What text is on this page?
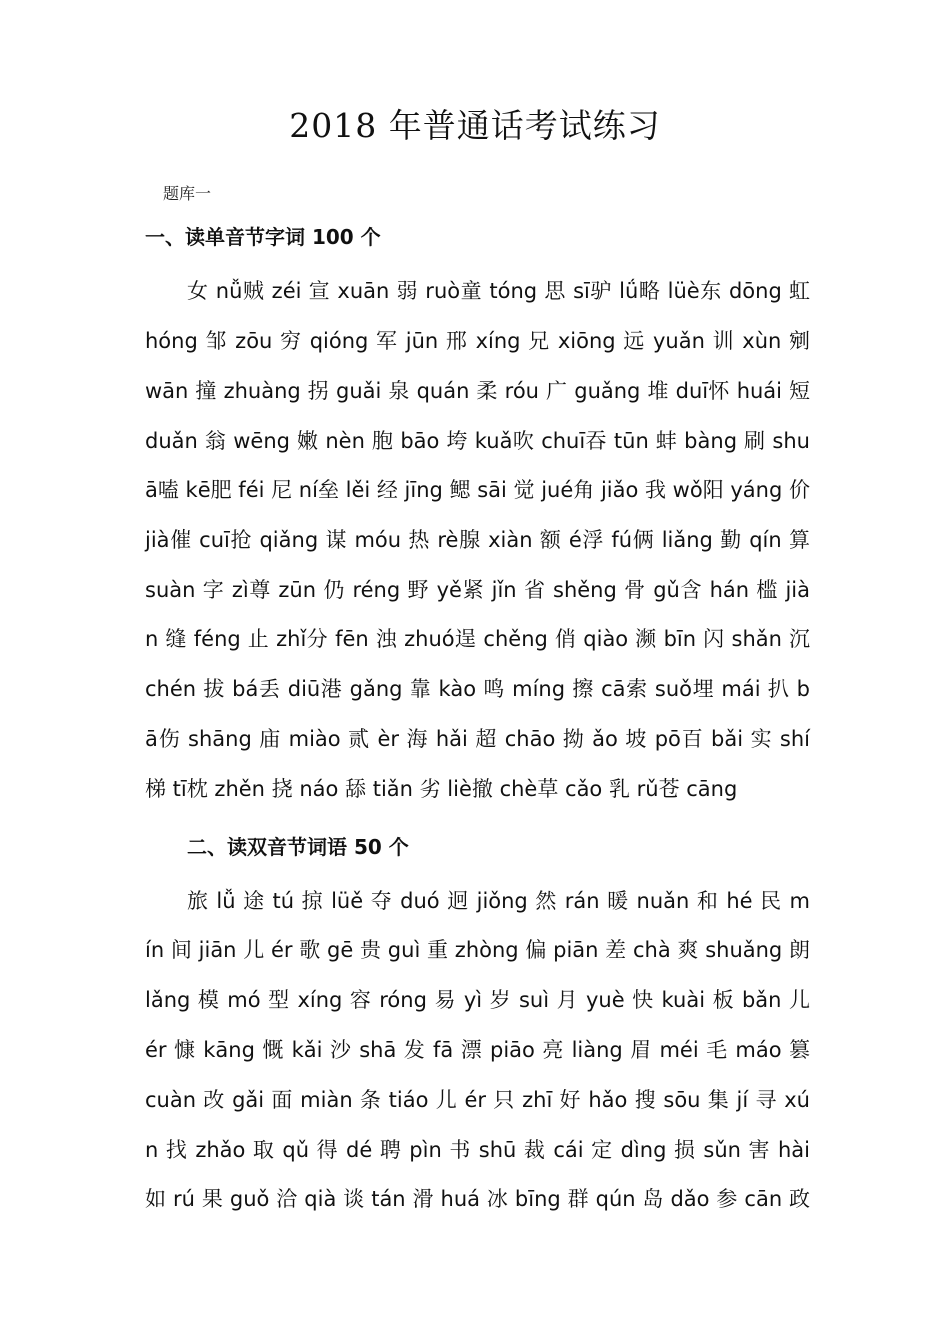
2018 年普通话考试练习
题库一
一、读单音节字词 100 个
女 nǚ贼 zéi 宣 xuān 弱 ruò童 tóng 思 sī驴 lǘ略 lüè东 dōng 虹
hóng 邹 zōu 穷 qióng 军 jūn 邢 xíng 兄 xiōng 远 yuǎn 训 xùn 剜
wān 撞 zhuàng 拐 guǎi 泉 quán 柔 róu 广 guǎng 堆 duī怀 huái 短
duǎn 翁 wēng 嫩 nèn 胞 bāo 垮 kuǎ吹 chuī吞 tūn 蚌 bàng 刷 shu
ā嗑 kē肥 féi 尼 ní垒 lěi 经 jīng 鳃 sāi 觉 jué角 jiǎo 我 wǒ阳 yáng 价
jià催 cuī抢 qiǎng 谋 móu 热 rè腺 xiàn 额 é浮 fú俩 liǎng 勤 qín 算
suàn 字 zì尊 zūn 仍 réng 野 yě紧 jǐn 省 shěng 骨 gǔ含 hán 槛 jià
n 缝 féng 止 zhǐ分 fēn 浊 zhuó逞 chěng 俏 qiào 濒 bīn 闪 shǎn 沉
chén 拔 bá丢 diū港 gǎng 靠 kào 鸣 míng 擦 cā索 suǒ埋 mái 扒 b
ā伤 shāng 庙 miào 贰 èr 海 hǎi 超 chāo 拗 ǎo 坡 pō百 bǎi 实 shí
梯 tī枕 zhěn 挠 náo 舔 tiǎn 劣 liè撤 chè草 cǎo 乳 rǔ苍 cāng
二、读双音节词语 50 个
旅 lǚ 途 tú 掠 lüě 夺 duó 迥 jiǒng 然 rán 暖 nuǎn 和 hé 民 m
ín 间 jiān 儿 ér 歌 gē 贵 guì 重 zhòng 偏 piān 差 chà 爽 shuǎng 朗
lǎng 模 mó 型 xíng 容 róng 易 yì 岁 suì 月 yuè 快 kuài 板 bǎn 儿
ér 慷 kāng 慨 kǎi 沙 shā 发 fā 漂 piāo 亮 liàng 眉 méi 毛 máo 篡
cuàn 改 gǎi 面 miàn 条 tiáo 儿 ér 只 zhī 好 hǎo 搜 sōu 集 jí 寻 xú
n 找 zhǎo 取 qǔ 得 dé 聘 pìn 书 shū 裁 cái 定 dìng 损 sǔn 害 hài
如 rú 果 guǒ 洽 qià 谈 tán 滑 huá 冰 bīng 群 qún 岛 dǎo 参 cān 政
